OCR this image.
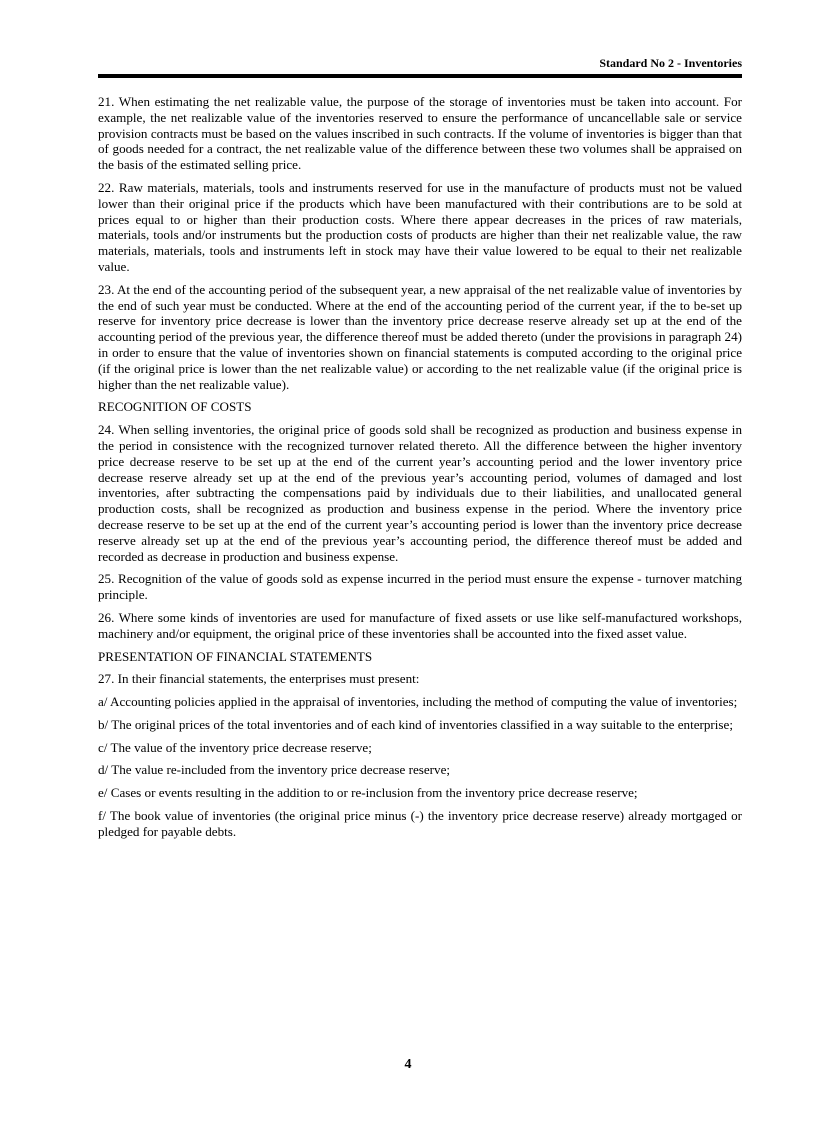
Standard No 2 - Inventories

21. When estimating the net realizable value, the purpose of the storage of inventories must be taken into account. For example, the net realizable value of the inventories reserved to ensure the performance of uncancellable sale or service provision contracts must be based on the values inscribed in such contracts. If the volume of inventories is bigger than that of goods needed for a contract, the net realizable value of the difference between these two volumes shall be appraised on the basis of the estimated selling price.

22. Raw materials, materials, tools and instruments reserved for use in the manufacture of products must not be valued lower than their original price if the products which have been manufactured with their contributions are to be sold at prices equal to or higher than their production costs. Where there appear decreases in the prices of raw materials, materials, tools and/or instruments but the production costs of products are higher than their net realizable value, the raw materials, materials, tools and instruments left in stock may have their value lowered to be equal to their net realizable value.

23. At the end of the accounting period of the subsequent year, a new appraisal of the net realizable value of inventories by the end of such year must be conducted. Where at the end of the accounting period of the current year, if the to be-set up reserve for inventory price decrease is lower than the inventory price decrease reserve already set up at the end of the accounting period of the previous year, the difference thereof must be added thereto (under the provisions in paragraph 24) in order to ensure that the value of inventories shown on financial statements is computed according to the original price (if the original price is lower than the net realizable value) or according to the net realizable value (if the original price is higher than the net realizable value).

RECOGNITION OF COSTS

24. When selling inventories, the original price of goods sold shall be recognized as production and business expense in the period in consistence with the recognized turnover related thereto. All the difference between the higher inventory price decrease reserve to be set up at the end of the current year’s accounting period and the lower inventory price decrease reserve already set up at the end of the previous year’s accounting period, volumes of damaged and lost inventories, after subtracting the compensations paid by individuals due to their liabilities, and unallocated general production costs, shall be recognized as production and business expense in the period. Where the inventory price decrease reserve to be set up at the end of the current year’s accounting period is lower than the inventory price decrease reserve already set up at the end of the previous year’s accounting period, the difference thereof must be added and recorded as decrease in production and business expense.

25. Recognition of the value of goods sold as expense incurred in the period must ensure the expense - turnover matching principle.

26. Where some kinds of inventories are used for manufacture of fixed assets or use like self-manufactured workshops, machinery and/or equipment, the original price of these inventories shall be accounted into the fixed asset value.

PRESENTATION OF FINANCIAL STATEMENTS

27. In their financial statements, the enterprises must present:

a/ Accounting policies applied in the appraisal of inventories, including the method of computing the value of inventories;

b/ The original prices of the total inventories and of each kind of inventories classified in a way suitable to the enterprise;

c/ The value of the inventory price decrease reserve;

d/ The value re-included from the inventory price decrease reserve;

e/ Cases or events resulting in the addition to or re-inclusion from the inventory price decrease reserve;

f/ The book value of inventories (the original price minus (-) the inventory price decrease reserve) already mortgaged or pledged for payable debts.

4
